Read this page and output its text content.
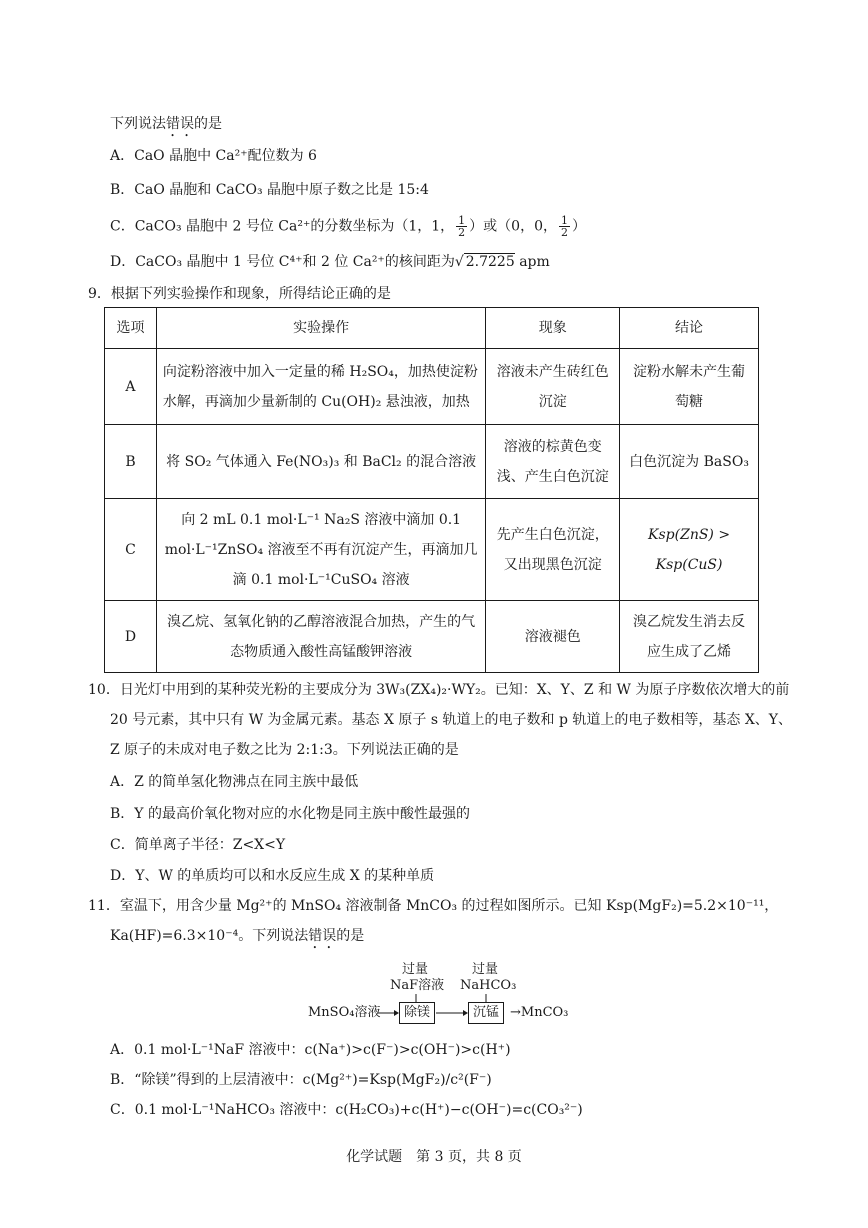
下列说法错误的是
A．CaO 晶胞中 Ca²⁺配位数为 6
B．CaO 晶胞和 CaCO₃ 晶胞中原子数之比是 15:4
C．CaCO₃ 晶胞中 2 号位 Ca²⁺的分数坐标为（1，1， $\frac{1}{2}$ ）或（0，0， $\frac{1}{2}$ ）
D．CaCO₃ 晶胞中 1 号位 C⁴⁺和 2 位 Ca²⁺的核间距为√ 2.7225 apm
9．根据下列实验操作和现象，所得结论正确的是
选项	实验操作	现象	结论
A	向淀粉溶液中加入一定量的稀 H₂SO₄，加热使淀粉水解，再滴加少量新制的 Cu(OH)₂ 悬浊液，加热	溶液未产生砖红色沉淀	淀粉水解未产生葡萄糖
B	将 SO₂ 气体通入 Fe(NO₃)₃ 和 BaCl₂ 的混合溶液	溶液的棕黄色变浅、产生白色沉淀	白色沉淀为 BaSO₃
C	向 2 mL 0.1 mol·L⁻¹ Na₂S 溶液中滴加 0.1 mol·L⁻¹ZnSO₄ 溶液至不再有沉淀产生，再滴加几滴 0.1 mol·L⁻¹CuSO₄ 溶液	先产生白色沉淀，又出现黑色沉淀	Ksp(ZnS) > Ksp(CuS)
D	溴乙烷、氢氧化钠的乙醇溶液混合加热，产生的气态物质通入酸性高锰酸钾溶液	溶液褪色	溴乙烷发生消去反应生成了乙烯
10．日光灯中用到的某种荧光粉的主要成分为 3W₃(ZX₄)₂·WY₂。已知：X、Y、Z 和 W 为原子序数依次增大的前
20 号元素，其中只有 W 为金属元素。基态 X 原子 s 轨道上的电子数和 p 轨道上的电子数相等，基态 X、Y、
Z 原子的未成对电子数之比为 2:1:3。下列说法正确的是
A．Z 的简单氢化物沸点在同主族中最低
B．Y 的最高价氧化物对应的水化物是同主族中酸性最强的
C．简单离子半径：Z<X<Y
D．Y、W 的单质均可以和水反应生成 X 的某种单质
11．室温下，用含少量 Mg²⁺的 MnSO₄ 溶液制备 MnCO₃ 的过程如图所示。已知 Ksp(MgF₂)=5.2×10⁻¹¹，
Ka(HF)=6.3×10⁻⁴。下列说法错误的是
过量
NaF溶液
过量
NaHCO₃
MnSO₄溶液	除镁	沉锰 →MnCO₃
A．0.1 mol·L⁻¹NaF 溶液中：c(Na⁺)>c(F⁻)>c(OH⁻)>c(H⁺)
B．“除镁”得到的上层清液中：c(Mg²⁺)=Ksp(MgF₂)/c²(F⁻)
C．0.1 mol·L⁻¹NaHCO₃ 溶液中：c(H₂CO₃)+c(H⁺)−c(OH⁻)=c(CO₃²⁻)
化学试题　第 3 页，共 8 页
